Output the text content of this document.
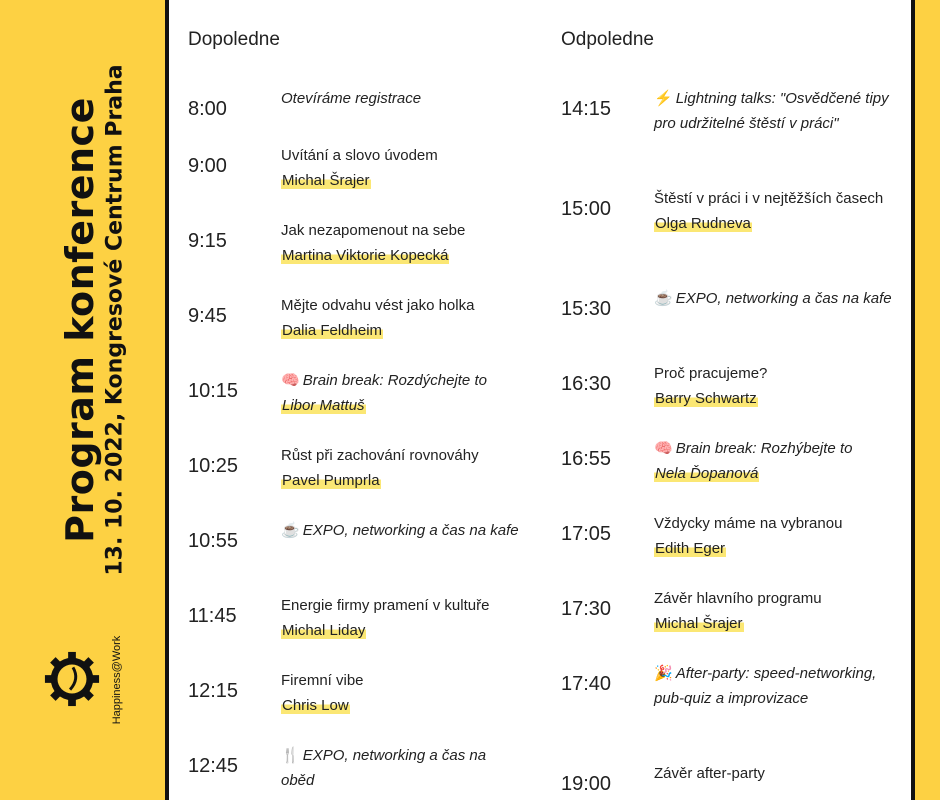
Program konference 13. 10. 2022, Kongresové Centrum Praha
Happiness@Work
Dopoledne	Odpoledne
8:00	Otevíráme registrace
9:00	Uvítání a slovo úvodem
Michal Šrajer
9:15	Jak nezapomenout na sebe
Martina Viktorie Kopecká
9:45	Mějte odvahu vést jako holka
Dalia Feldheim
10:15	🧠 Brain break: Rozdýchejte to
Libor Mattuš
10:25	Růst při zachování rovnováhy
Pavel Pumprla
10:55	☕ EXPO, networking a čas na kafe
11:45	Energie firmy pramení v kultuře
Michal Liday
12:15	Firemní vibe
Chris Low
12:45	🍴 EXPO, networking a čas na oběd
14:15	⚡ Lightning talks: "Osvědčené tipy pro udržitelné štěstí v práci"
15:00	Štěstí v práci i v nejtěžších časech
Olga Rudneva
15:30	☕ EXPO, networking a čas na kafe
16:30	Proč pracujeme?
Barry Schwartz
16:55	🧠 Brain break: Rozhýbejte to
Nela Ďopanová
17:05	Vždycky máme na vybranou
Edith Eger
17:30	Závěr hlavního programu
Michal Šrajer
17:40	🎉 After-party: speed-networking, pub-quiz a improvizace
19:00	Závěr after-party
